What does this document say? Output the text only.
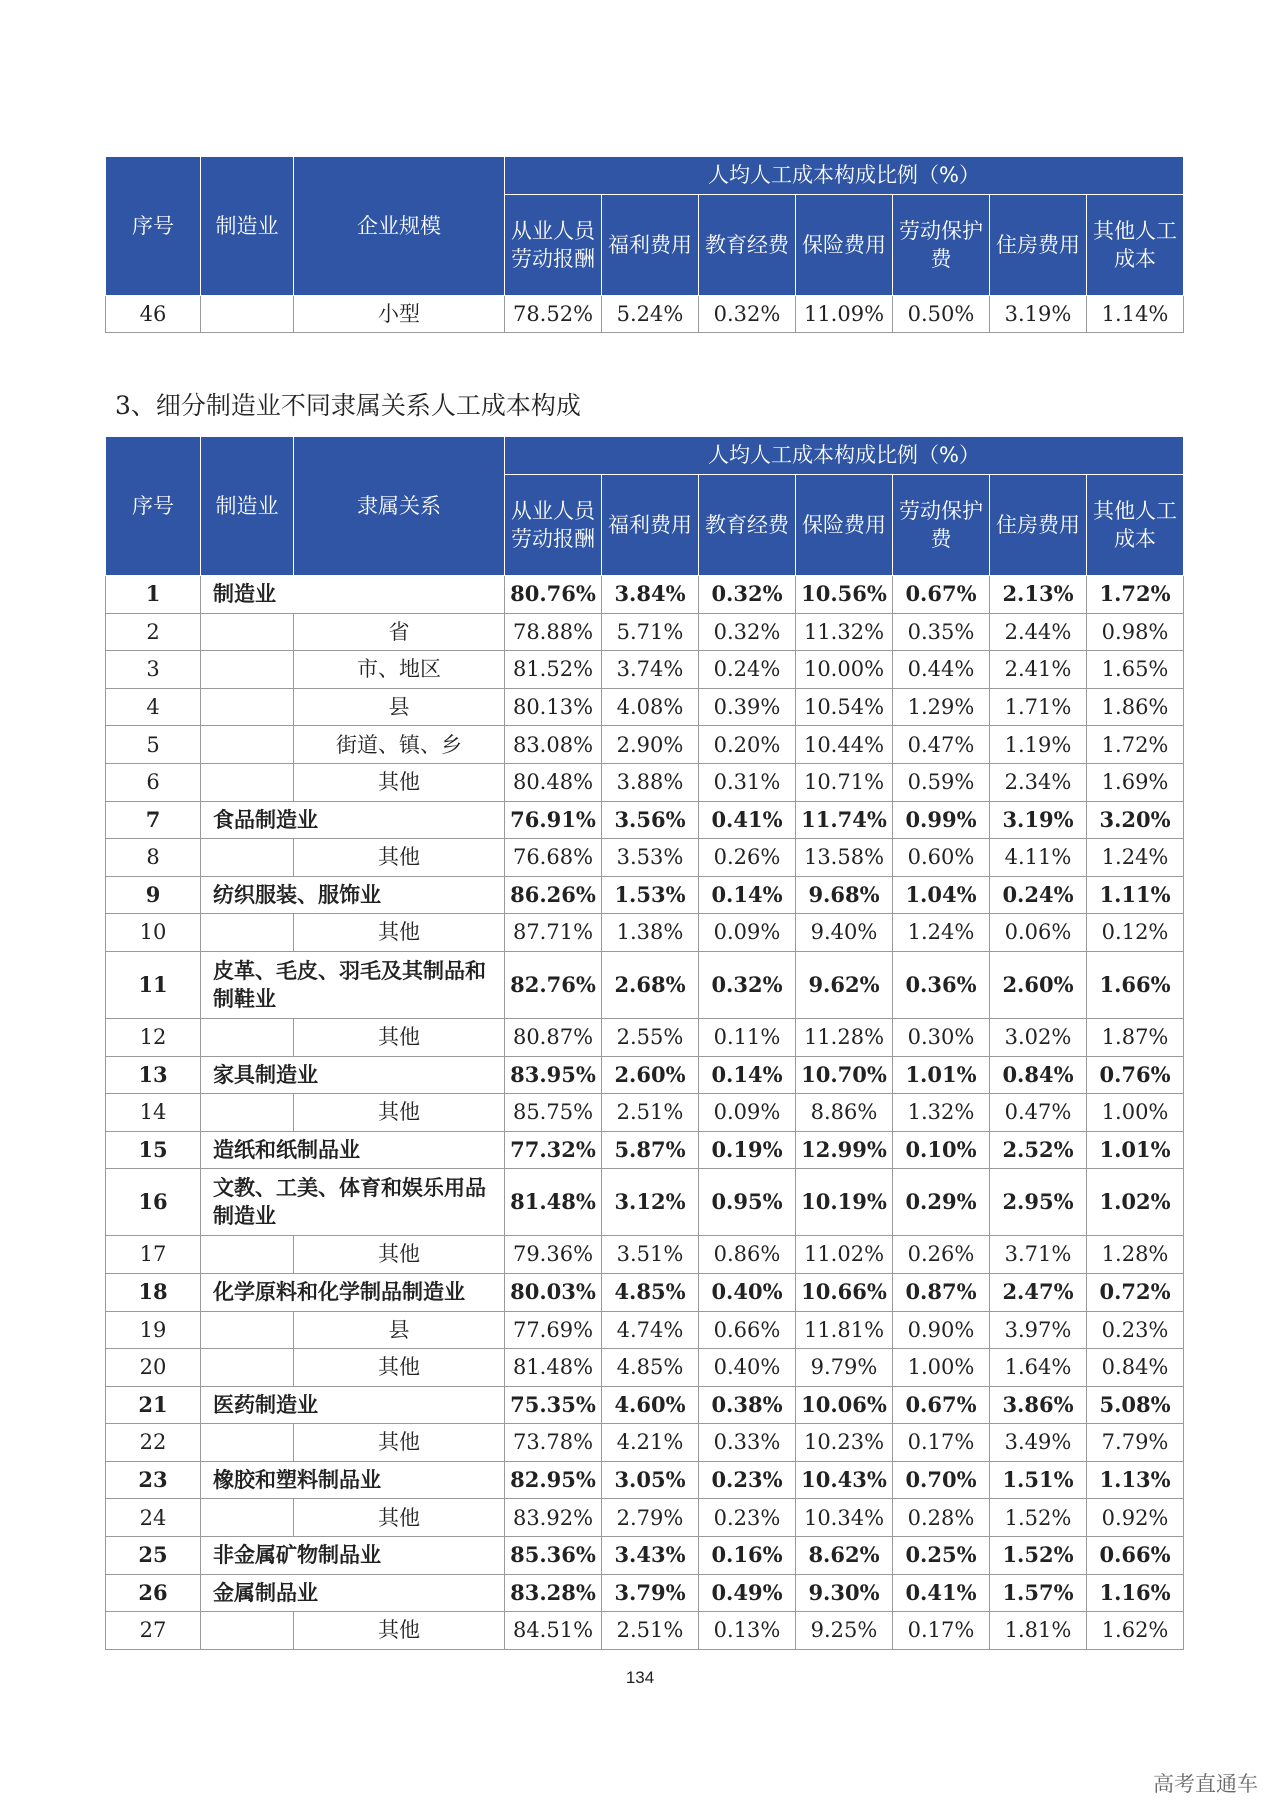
序号	制造业	企业规模	人均人工成本构成比例（%）						
			从业人员劳动报酬	福利费用	教育经费	保险费用	劳动保护费	住房费用	其他人工成本
46		小型	78.52%	5.24%	0.32%	11.09%	0.50%	3.19%	1.14%
3、细分制造业不同隶属关系人工成本构成
序号	制造业	隶属关系	人均人工成本构成比例（%）						
			从业人员劳动报酬	福利费用	教育经费	保险费用	劳动保护费	住房费用	其他人工成本
1	制造业		80.76%	3.84%	0.32%	10.56%	0.67%	2.13%	1.72%
2		省	78.88%	5.71%	0.32%	11.32%	0.35%	2.44%	0.98%
3		市、地区	81.52%	3.74%	0.24%	10.00%	0.44%	2.41%	1.65%
4		县	80.13%	4.08%	0.39%	10.54%	1.29%	1.71%	1.86%
5		街道、镇、乡	83.08%	2.90%	0.20%	10.44%	0.47%	1.19%	1.72%
6		其他	80.48%	3.88%	0.31%	10.71%	0.59%	2.34%	1.69%
7	食品制造业		76.91%	3.56%	0.41%	11.74%	0.99%	3.19%	3.20%
8		其他	76.68%	3.53%	0.26%	13.58%	0.60%	4.11%	1.24%
9	纺织服装、服饰业		86.26%	1.53%	0.14%	9.68%	1.04%	0.24%	1.11%
10		其他	87.71%	1.38%	0.09%	9.40%	1.24%	0.06%	0.12%
11	皮革、毛皮、羽毛及其制品和制鞋业		82.76%	2.68%	0.32%	9.62%	0.36%	2.60%	1.66%
12		其他	80.87%	2.55%	0.11%	11.28%	0.30%	3.02%	1.87%
13	家具制造业		83.95%	2.60%	0.14%	10.70%	1.01%	0.84%	0.76%
14		其他	85.75%	2.51%	0.09%	8.86%	1.32%	0.47%	1.00%
15	造纸和纸制品业		77.32%	5.87%	0.19%	12.99%	0.10%	2.52%	1.01%
16	文教、工美、体育和娱乐用品制造业		81.48%	3.12%	0.95%	10.19%	0.29%	2.95%	1.02%
17		其他	79.36%	3.51%	0.86%	11.02%	0.26%	3.71%	1.28%
18	化学原料和化学制品制造业		80.03%	4.85%	0.40%	10.66%	0.87%	2.47%	0.72%
19		县	77.69%	4.74%	0.66%	11.81%	0.90%	3.97%	0.23%
20		其他	81.48%	4.85%	0.40%	9.79%	1.00%	1.64%	0.84%
21	医药制造业		75.35%	4.60%	0.38%	10.06%	0.67%	3.86%	5.08%
22		其他	73.78%	4.21%	0.33%	10.23%	0.17%	3.49%	7.79%
23	橡胶和塑料制品业		82.95%	3.05%	0.23%	10.43%	0.70%	1.51%	1.13%
24		其他	83.92%	2.79%	0.23%	10.34%	0.28%	1.52%	0.92%
25	非金属矿物制品业		85.36%	3.43%	0.16%	8.62%	0.25%	1.52%	0.66%
26	金属制品业		83.28%	3.79%	0.49%	9.30%	0.41%	1.57%	1.16%
27		其他	84.51%	2.51%	0.13%	9.25%	0.17%	1.81%	1.62%
134
高考直通车
